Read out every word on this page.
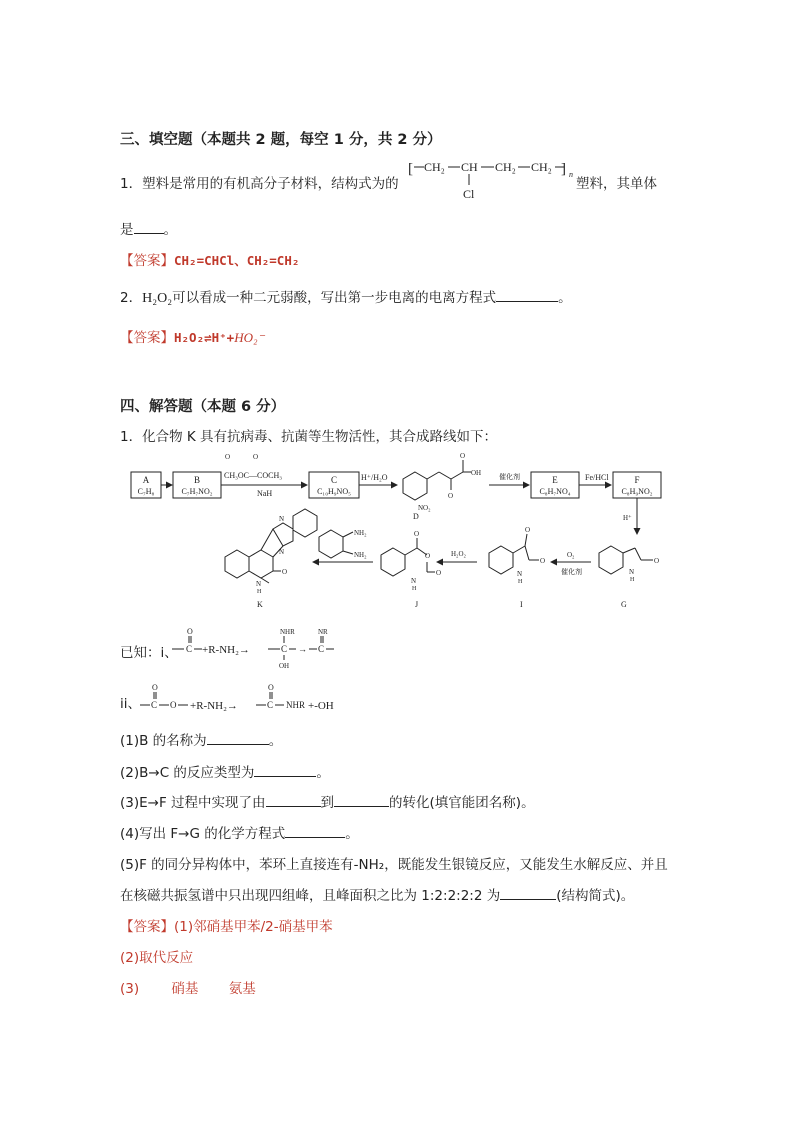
三、填空题（本题共 2 题，每空 1 分，共 2 分）
1．塑料是常用的有机高分子材料，结构式为的
[ CH₂ CH
Cl
CH₂ CH₂ ] n
塑料，其单体
是 。
【答案】CH₂=CHCl、CH₂=CH₂
2．H₂O₂可以看成一种二元弱酸，写出第一步电离的电离方程式	。
【答案】H₂O₂⇌H⁺+HO₂⁻
四、解答题（本题 6 分）
1．化合物 K 具有抗病毒、抗菌等生物活性，其合成路线如下：
A
C₇H₈
B
C₇H₇NO₂
O	O
CH₃OC—COCH₃
NaH
C
C₁₀H₉NO₅
H⁺/H₂O
O
O
OH
NO₂
D
催化剂	E
C₈H₇NO₄
Fe/HCl	F
C₈H₉NO₂
H⁺
O
N
H
G
O₂
催化剂
O
O
N
H
I
H₂O₂
O
O
O
N
H
J
NH₂
NH₂
N
N
O
N
H
K
已知：i、
O
C +R-NH₂→
NHR
C
OH
→
NR
C
ii、
O
C O +R-NH₂→
O
C NHR +-OH
(1)B 的名称为	。
(2)B→C 的反应类型为	。
(3)E→F 过程中实现了由	到	的转化(填官能团名称)。
(4)写出 F→G 的化学方程式	。
(5)F 的同分异构体中，苯环上直接连有-NH₂，既能发生银镜反应，又能发生水解反应、并且
在核磁共振氢谱中只出现四组峰，且峰面积之比为 1:2:2:2:2 为	(结构简式)。
【答案】(1)邻硝基甲苯/2-硝基甲苯
(2)取代反应
(3) 硝基 氨基
